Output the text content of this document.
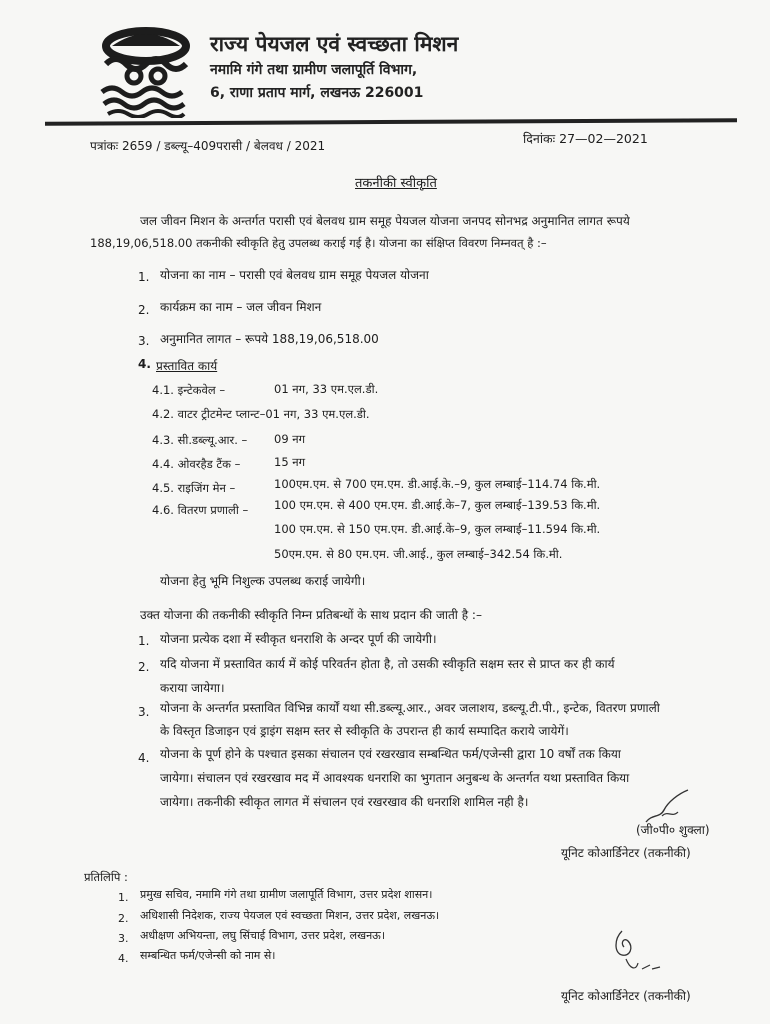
राज्य पेयजल एवं स्वच्छता मिशन
नमामि गंगे तथा ग्रामीण जलापूर्ति विभाग,
6, राणा प्रताप मार्ग, लखनऊ 226001
पत्रांकः 2659 / डब्ल्यू–409परासी / बेलवध / 2021	दिनांकः 27—02—2021
तकनीकी स्वीकृति
जल जीवन मिशन के अन्तर्गत परासी एवं बेलवध ग्राम समूह पेयजल योजना जनपद सोनभद्र अनुमानित लागत रूपये
188,19,06,518.00 तकनीकी स्वीकृति हेतु उपलब्ध कराई गई है। योजना का संक्षिप्त विवरण निम्नवत् है :–
1. योजना का नाम – परासी एवं बेलवध ग्राम समूह पेयजल योजना
2. कार्यक्रम का नाम – जल जीवन मिशन
3. अनुमानित लागत – रूपये 188,19,06,518.00
4. प्रस्तावित कार्य
4.1. इन्टेकवेल –	01 नग, 33 एम.एल.डी.
4.2. वाटर ट्रीटमेन्ट प्लान्ट–01 नग, 33 एम.एल.डी.
4.3. सी.डब्ल्यू.आर. – 09 नग
4.4. ओवरहैड टैंक –	15 नग
4.5. राइजिंग मेन –	100एम.एम. से 700 एम.एम. डी.आई.के.–9, कुल लम्बाई–114.74 कि.मी.
4.6. वितरण प्रणाली – 100 एम.एम. से 400 एम.एम. डी.आई.के–7, कुल लम्बाई–139.53 कि.मी.
100 एम.एम. से 150 एम.एम. डी.आई.के–9, कुल लम्बाई–11.594 कि.मी.
50एम.एम. से 80 एम.एम. जी.आई., कुल लम्बाई–342.54 कि.मी.
योजना हेतु भूमि निशुल्क उपलब्ध कराई जायेगी।
उक्त योजना की तकनीकी स्वीकृति निम्न प्रतिबन्धों के साथ प्रदान की जाती है :–
1. योजना प्रत्येक दशा में स्वीकृत धनराशि के अन्दर पूर्ण की जायेगी।
2. यदि योजना में प्रस्तावित कार्य में कोई परिवर्तन होता है, तो उसकी स्वीकृति सक्षम स्तर से प्राप्त कर ही कार्य
कराया जायेगा।
3. योजना के अन्तर्गत प्रस्तावित विभिन्न कार्यों यथा सी.डब्ल्यू.आर., अवर जलाशय, डब्ल्यू.टी.पी., इन्टेक, वितरण प्रणाली
के विस्तृत डिजाइन एवं ड्राइंग सक्षम स्तर से स्वीकृति के उपरान्त ही कार्य सम्पादित कराये जायेगें।
4. योजना के पूर्ण होने के पश्चात इसका संचालन एवं रखरखाव सम्बन्धित फर्म/एजेन्सी द्वारा 10 वर्षों तक किया
जायेगा। संचालन एवं रखरखाव मद में आवश्यक धनराशि का भुगतान अनुबन्ध के अन्तर्गत यथा प्रस्तावित किया
जायेगा। तकनीकी स्वीकृत लागत में संचालन एवं रखरखाव की धनराशि शामिल नही है।
(जी०पी० शुक्ला)
यूनिट कोआर्डिनेटर (तकनीकी)
प्रतिलिपि :
1. प्रमुख सचिव, नमामि गंगे तथा ग्रामीण जलापूर्ति विभाग, उत्तर प्रदेश शासन।
2. अधिशासी निदेशक, राज्य पेयजल एवं स्वच्छता मिशन, उत्तर प्रदेश, लखनऊ।
3. अधीक्षण अभियन्ता, लघु सिंचाई विभाग, उत्तर प्रदेश, लखनऊ।
4. सम्बन्धित फर्म/एजेन्सी को नाम से।
यूनिट कोआर्डिनेटर (तकनीकी)
